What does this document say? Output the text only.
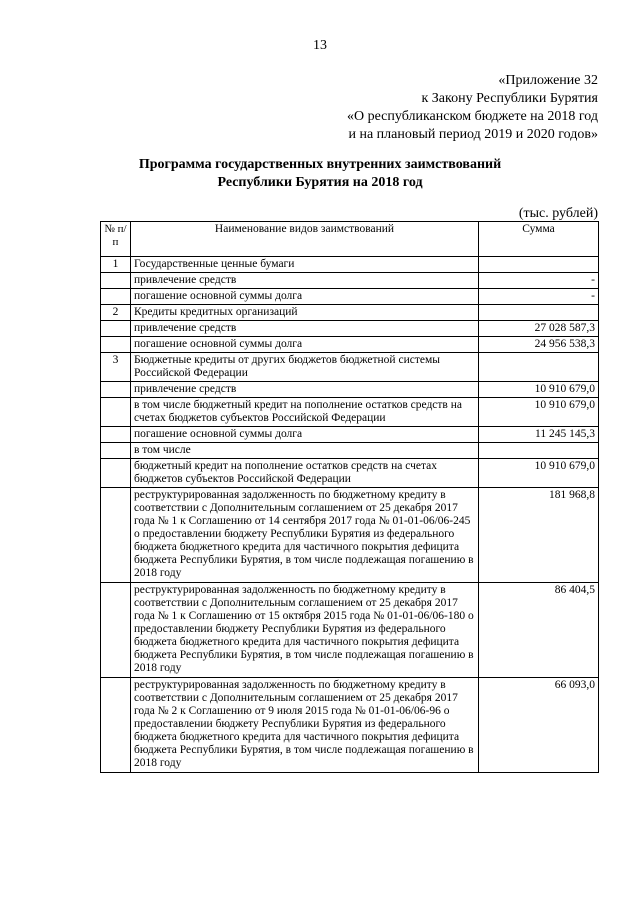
13
«Приложение 32
к Закону Республики Бурятия
«О республиканском бюджете на 2018 год
и на плановый период 2019 и 2020 годов»
Программа государственных внутренних заимствований
Республики Бурятия на 2018 год
(тыс. рублей)
№ п/п	Наименование видов заимствований	Сумма
1	Государственные ценные бумаги	
	привлечение средств	-
	погашение основной суммы долга	-
2	Кредиты кредитных организаций	
	привлечение средств	27 028 587,3
	погашение основной суммы долга	24 956 538,3
3	Бюджетные кредиты от других бюджетов бюджетной системы Российской Федерации	
	привлечение средств	10 910 679,0
	в том числе бюджетный кредит на пополнение остатков средств на счетах бюджетов субъектов Российской Федерации	10 910 679,0
	погашение основной суммы долга	11 245 145,3
	в том числе	
	бюджетный кредит на пополнение остатков средств на счетах бюджетов субъектов Российской Федерации	10 910 679,0
	реструктурированная задолженность по бюджетному кредиту в соответствии с Дополнительным соглашением от 25 декабря 2017 года № 1 к Соглашению от 14 сентября 2017 года № 01-01-06/06-245 о предоставлении бюджету Республики Бурятия из федерального бюджета бюджетного кредита для частичного покрытия дефицита бюджета Республики Бурятия, в том числе подлежащая погашению в 2018 году	181 968,8
	реструктурированная задолженность по бюджетному кредиту в соответствии с Дополнительным соглашением от 25 декабря 2017 года № 1 к Соглашению от 15 октября 2015 года № 01-01-06/06-180 о предоставлении бюджету Республики Бурятия из федерального бюджета бюджетного кредита для частичного покрытия дефицита бюджета Республики Бурятия, в том числе подлежащая погашению в 2018 году	86 404,5
	реструктурированная задолженность по бюджетному кредиту в соответствии с Дополнительным соглашением от 25 декабря 2017 года № 2 к Соглашению от 9 июля 2015 года № 01-01-06/06-96 о предоставлении бюджету Республики Бурятия из федерального бюджета бюджетного кредита для частичного покрытия дефицита бюджета Республики Бурятия, в том числе подлежащая погашению в 2018 году	66 093,0
